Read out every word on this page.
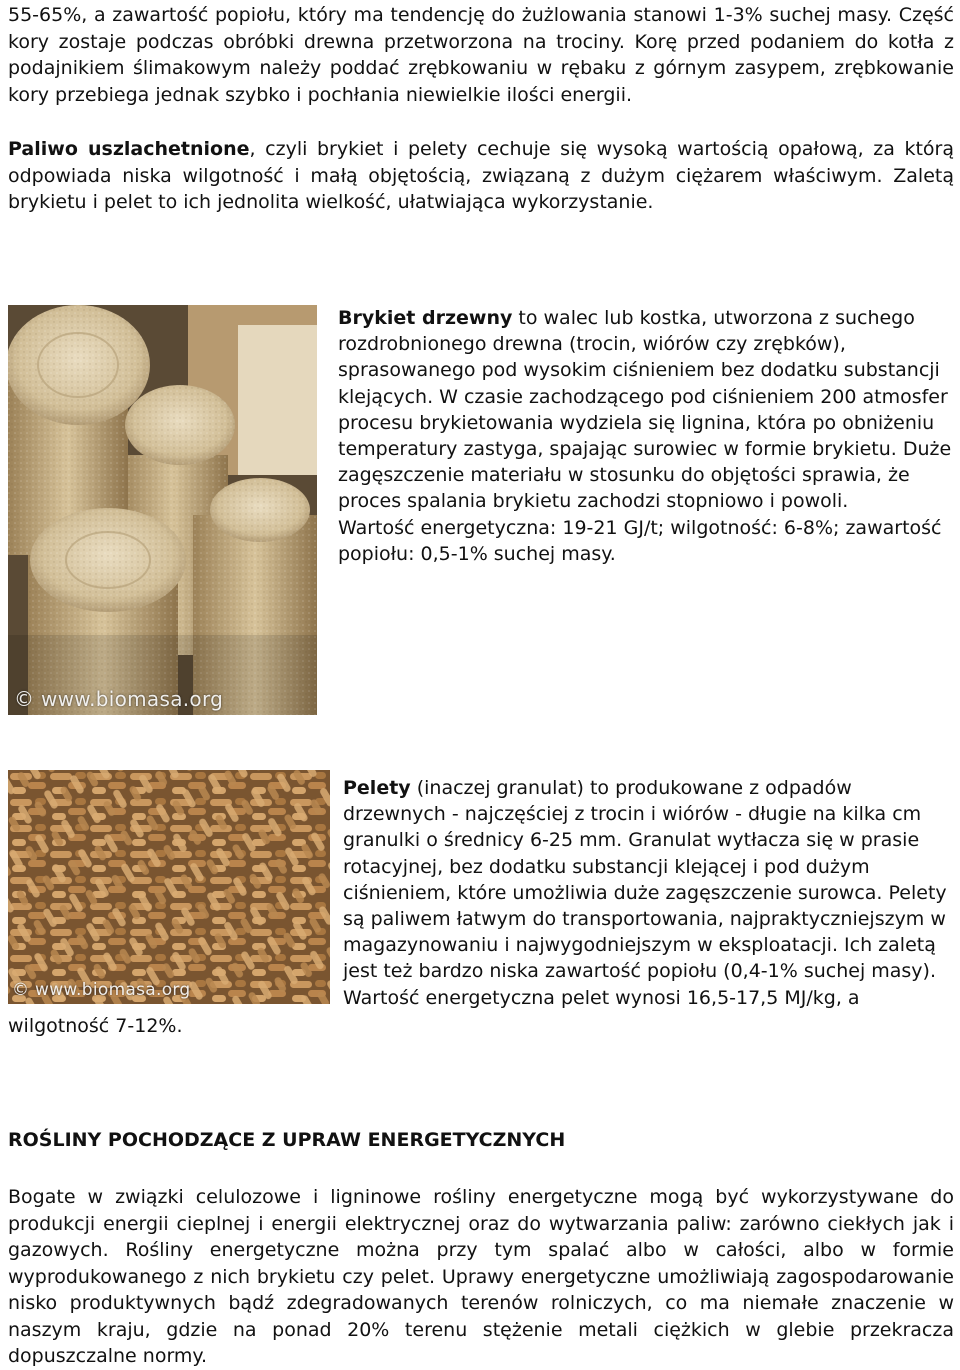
55-65%, a zawartość popiołu, który ma tendencję do żużlowania stanowi 1-3% suchej masy. Część kory zostaje podczas obróbki drewna przetworzona na trociny. Korę przed podaniem do kotła z podajnikiem ślimakowym należy poddać zrębkowaniu w rębaku z górnym zasypem, zrębkowanie kory przebiega jednak szybko i pochłania niewielkie ilości energii.

Paliwo uszlachetnione, czyli brykiet i pelety cechuje się wysoką wartością opałową, za którą odpowiada niska wilgotność i małą objętością, związaną z dużym ciężarem właściwym. Zaletą brykietu i pelet to ich jednolita wielkość, ułatwiająca wykorzystanie.

© www.biomasa.org
Brykiet drzewny to walec lub kostka, utworzona z suchego rozdrobnionego drewna (trocin, wiórów czy zrębków), sprasowanego pod wysokim ciśnieniem bez dodatku substancji klejących. W czasie zachodzącego pod ciśnieniem 200 atmosfer procesu brykietowania wydziela się lignina, która po obniżeniu temperatury zastyga, spajając surowiec w formie brykietu. Duże zagęszczenie materiału w stosunku do objętości sprawia, że proces spalania brykietu zachodzi stopniowo i powoli.
Wartość energetyczna: 19-21 GJ/t; wilgotność: 6-8%; zawartość popiołu: 0,5-1% suchej masy.
© www.biomasa.org
Pelety (inaczej granulat) to produkowane z odpadów drzewnych - najczęściej z trocin i wiórów - długie na kilka cm granulki o średnicy 6-25 mm. Granulat wytłacza się w prasie rotacyjnej, bez dodatku substancji klejącej i pod dużym ciśnieniem, które umożliwia duże zagęszczenie surowca. Pelety są paliwem łatwym do transportowania, najpraktyczniejszym w magazynowaniu i najwygodniejszym w eksploatacji. Ich zaletą jest też bardzo niska zawartość popiołu (0,4-1% suchej masy). Wartość energetyczna pelet wynosi 16,5-17,5 MJ/kg, a
wilgotność 7-12%.
ROŚLINY POCHODZĄCE Z UPRAW ENERGETYCZNYCH

Bogate w związki celulozowe i ligninowe rośliny energetyczne mogą być wykorzystywane do produkcji energii cieplnej i energii elektrycznej oraz do wytwarzania paliw: zarówno ciekłych jak i gazowych. Rośliny energetyczne można przy tym spalać albo w całości, albo w formie wyprodukowanego z nich brykietu czy pelet. Uprawy energetyczne umożliwiają zagospodarowanie nisko produktywnych bądź zdegradowanych terenów rolniczych, co ma niemałe znaczenie w naszym kraju, gdzie na ponad 20% terenu stężenie metali ciężkich w glebie przekracza dopuszczalne normy.
